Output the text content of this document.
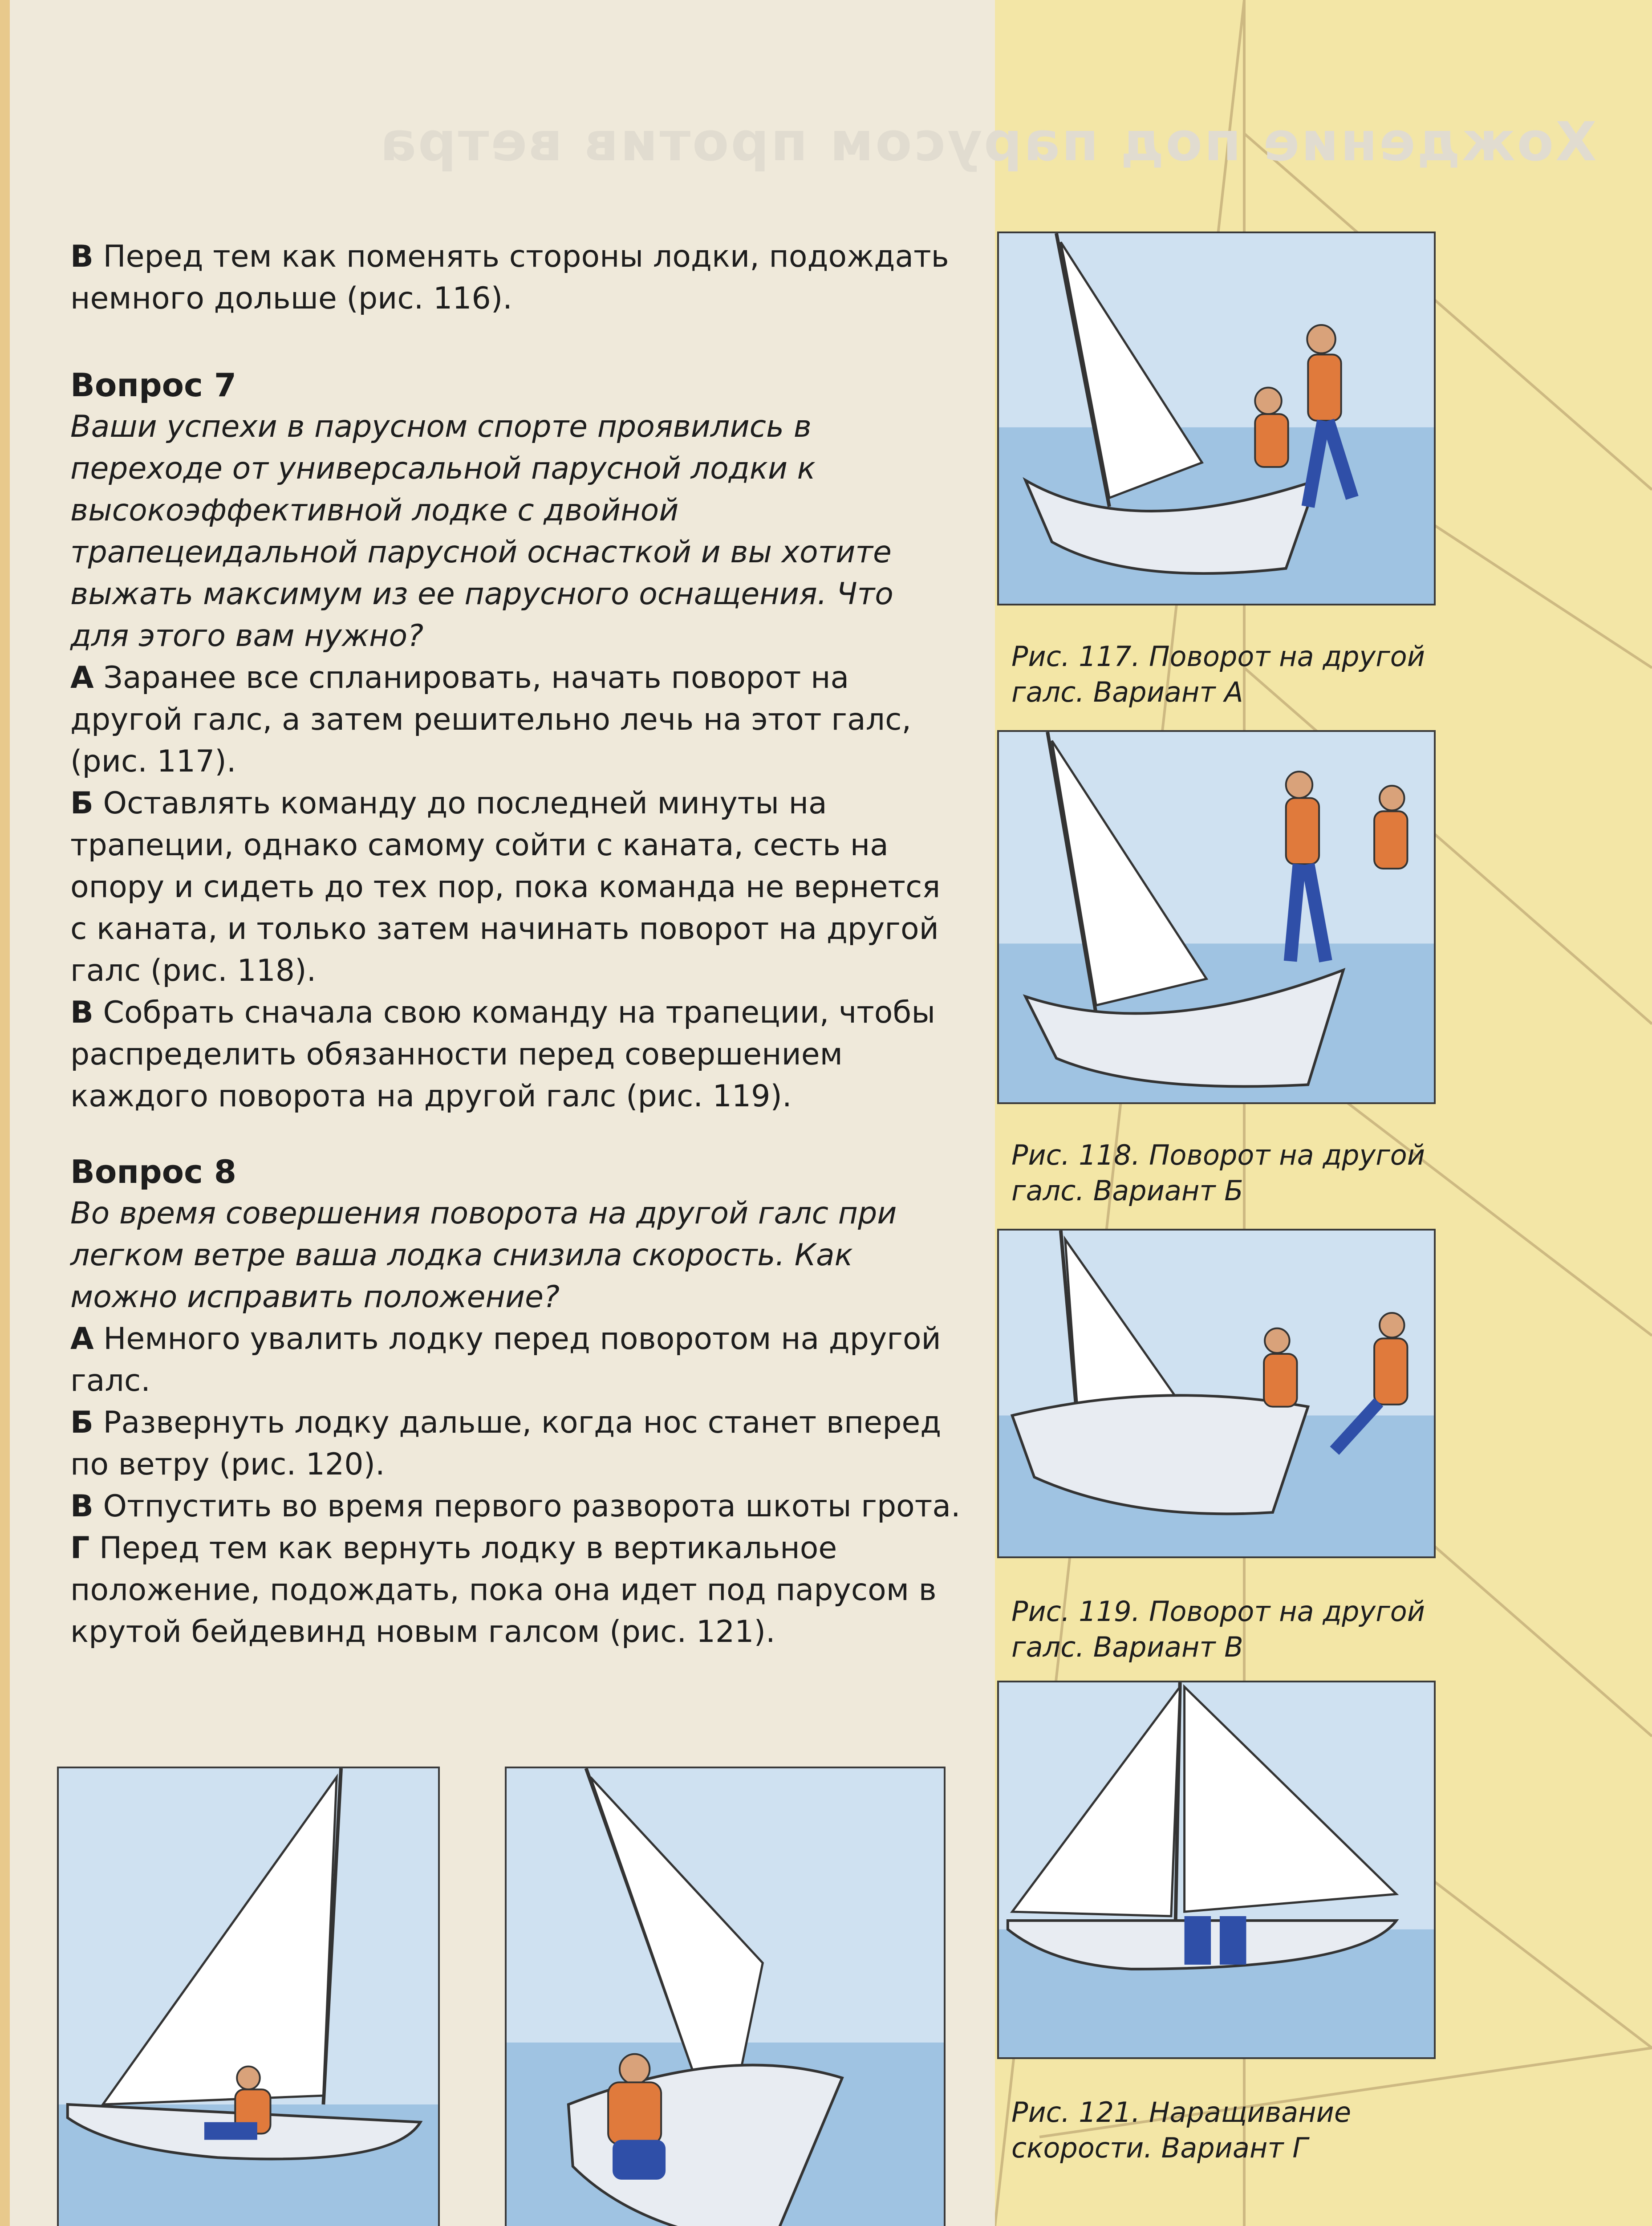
Хождение под парусом против ветра

В Перед тем как поменять стороны лодки, подождать немного дольше (рис. 116).

Вопрос 7

Ваши успехи в парусном спорте проявились в переходе от универсальной парусной лодки к высокоэффективной лодке с двойной трапецеидальной парусной оснасткой и вы хотите выжать максимум из ее парусного оснащения. Что для этого вам нужно?

А Заранее все спланировать, начать поворот на другой галс, а затем решительно лечь на этот галс, (рис. 117).

Б Оставлять команду до последней минуты на трапеции, однако самому сойти с каната, сесть на опору и сидеть до тех пор, пока команда не вернется с каната, и только затем начинать поворот на другой галс (рис. 118).

В Собрать сначала свою команду на трапеции, чтобы распределить обязанности перед совершением каждого поворота на другой галс (рис. 119).

Вопрос 8

Во время совершения поворота на другой галс при легком ветре ваша лодка снизила скорость. Как можно исправить положение?

А Немного увалить лодку перед поворотом на другой галс.

Б Развернуть лодку дальше, когда нос станет вперед по ветру (рис. 120).

В Отпустить во время первого разворота шкоты грота.

Г Перед тем как вернуть лодку в вертикальное положение, подождать, пока она идет под парусом в крутой бейдевинд новым галсом (рис. 121).

Рис. 117. Поворот на другой галс. Вариант А
Рис. 118. Поворот на другой галс. Вариант Б
Рис. 119. Поворот на другой галс. Вариант В
Рис. 121. Наращивание скорости. Вариант Г
